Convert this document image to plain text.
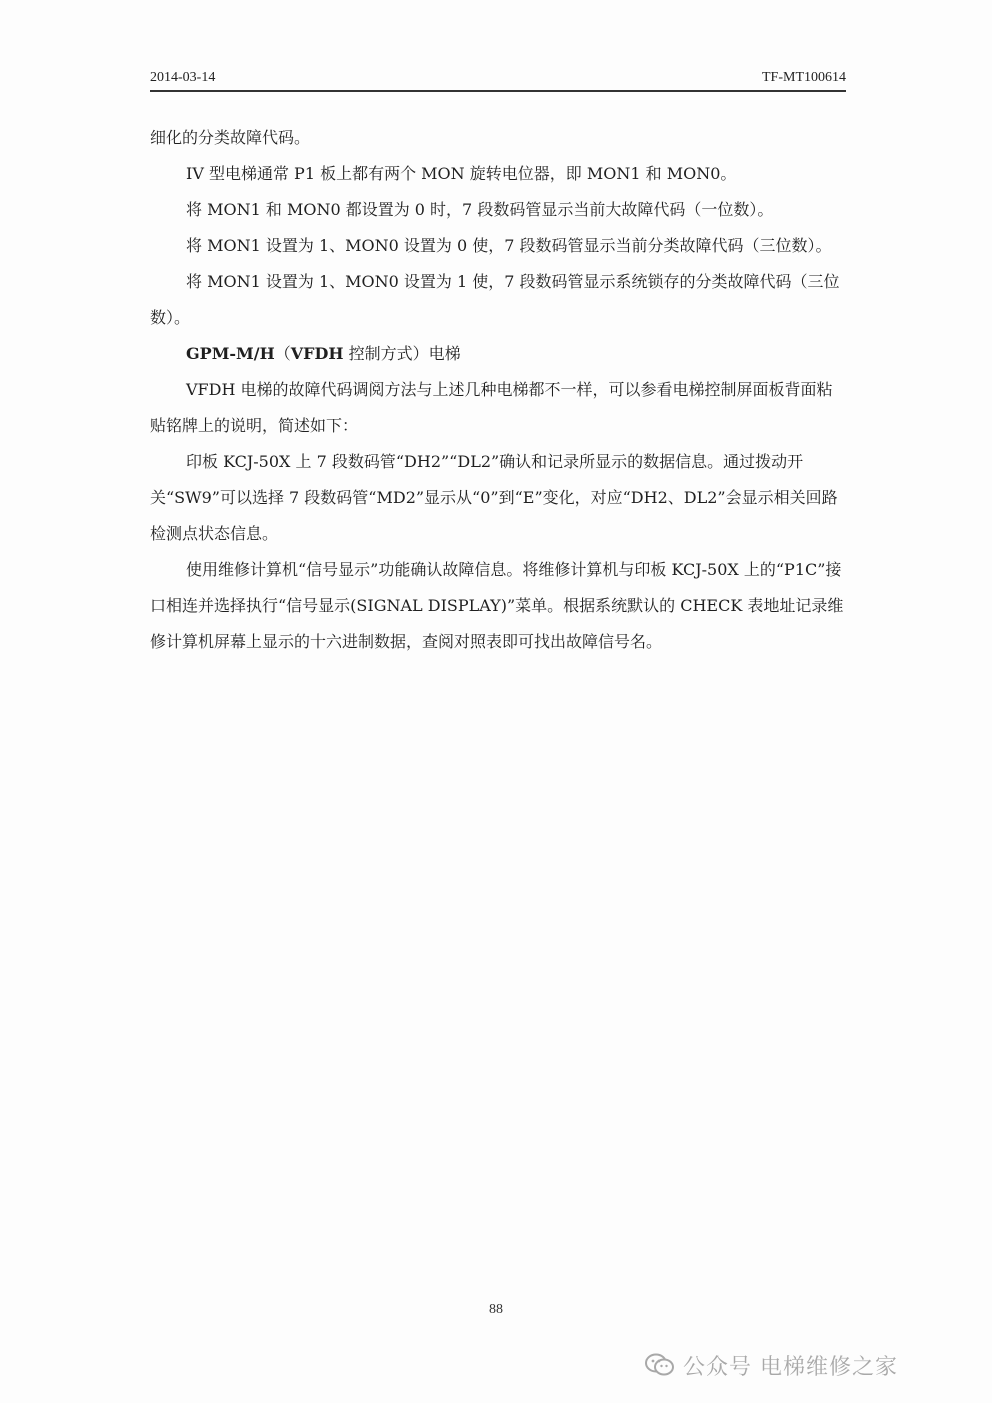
2014-03-14	TF-MT100614

细化的分类故障代码。

IV 型电梯通常 P1 板上都有两个 MON 旋转电位器，即 MON1 和 MON0。

将 MON1 和 MON0 都设置为 0 时，7 段数码管显示当前大故障代码（一位数）。

将 MON1 设置为 1、MON0 设置为 0 使，7 段数码管显示当前分类故障代码（三位数）。

将 MON1 设置为 1、MON0 设置为 1 使，7 段数码管显示系统锁存的分类故障代码（三位数）。

GPM-M/H（VFDH 控制方式）电梯

VFDH 电梯的故障代码调阅方法与上述几种电梯都不一样，可以参看电梯控制屏面板背面粘贴铭牌上的说明，简述如下：

印板 KCJ-50X 上 7 段数码管“DH2”“DL2”确认和记录所显示的数据信息。通过拨动开关“SW9”可以选择 7 段数码管“MD2”显示从“0”到“E”变化，对应“DH2、DL2”会显示相关回路检测点状态信息。

使用维修计算机“信号显示”功能确认故障信息。将维修计算机与印板 KCJ-50X 上的“P1C”接口相连并选择执行“信号显示(SIGNAL DISPLAY)”菜单。根据系统默认的 CHECK 表地址记录维修计算机屏幕上显示的十六进制数据，查阅对照表即可找出故障信号名。

88
公众号 电梯维修之家
